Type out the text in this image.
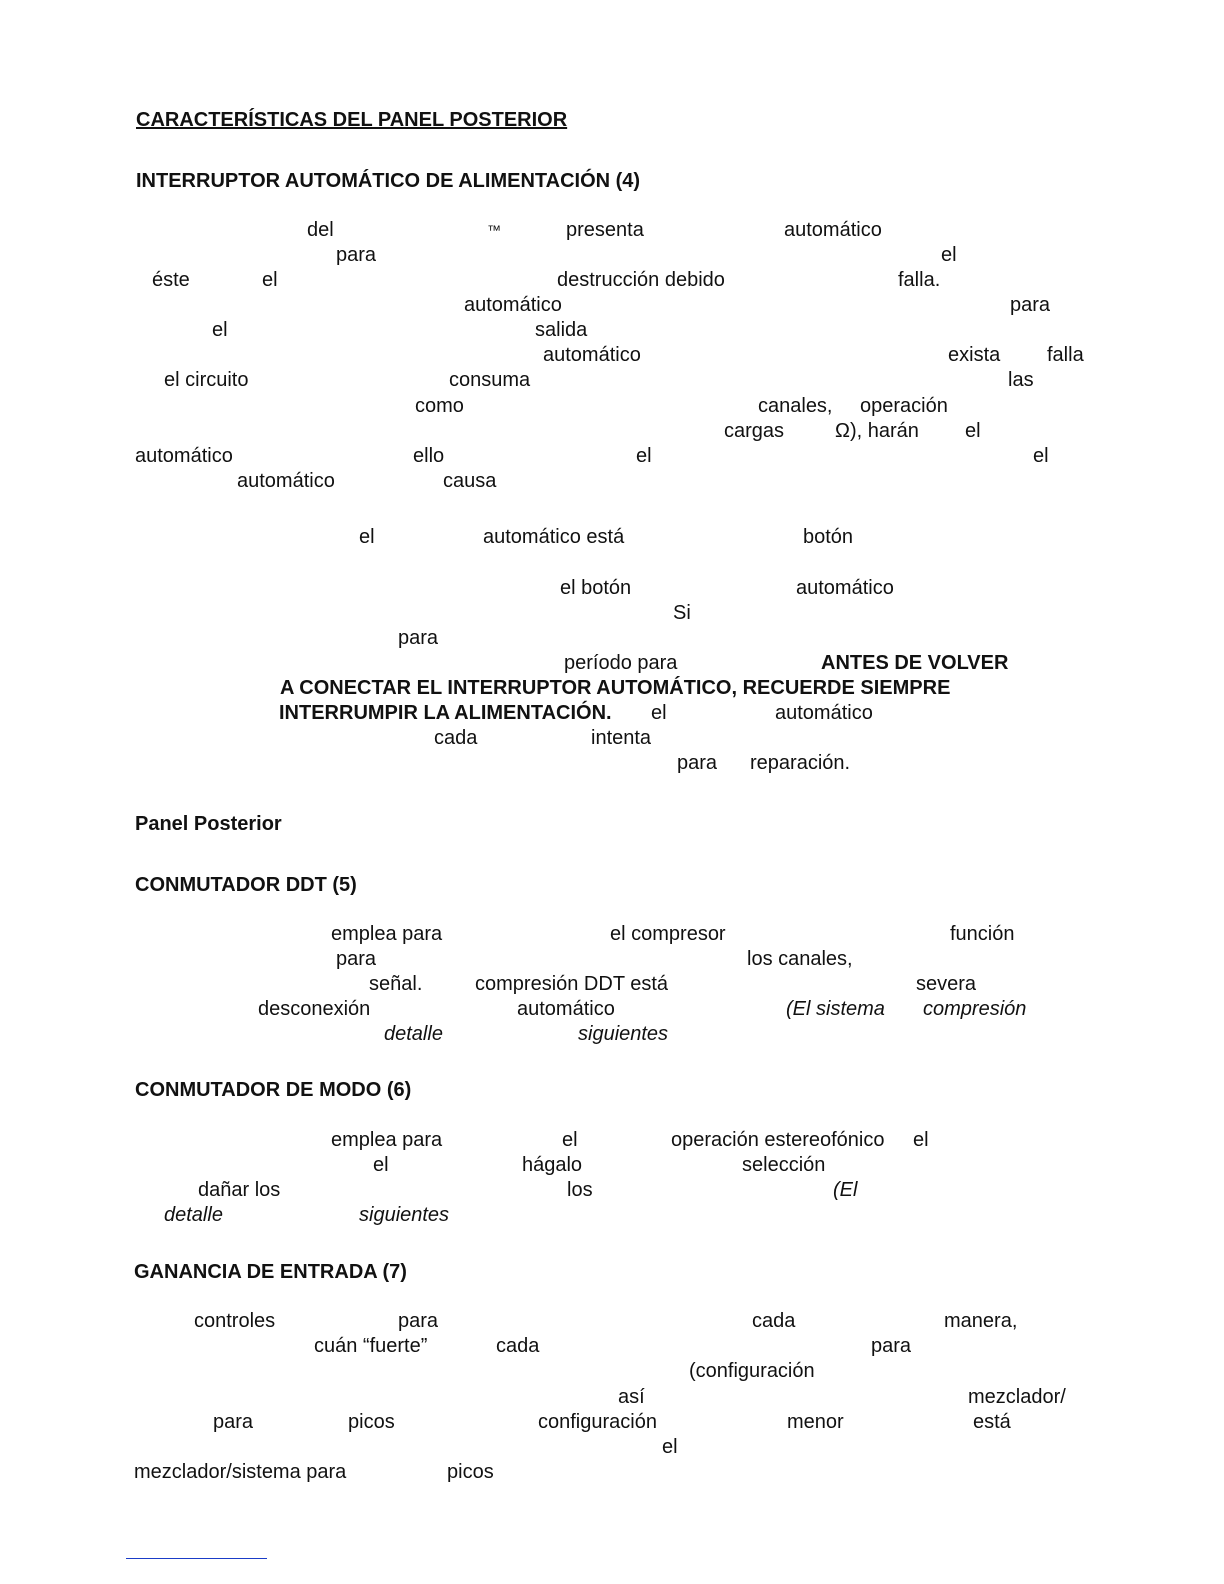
CARACTERÍSTICAS DEL PANEL POSTERIOR
INTERRUPTOR AUTOMÁTICO DE ALIMENTACIÓN (4)
del	™	presenta	automático
para	el
éste	el	destrucción debido	falla.
automático	para
el	salida
automático	exista falla
el circuito	consuma	las
como	canales, operación
cargas	Ω), harán el
automático	ello	el	el
automático	causa
el	automático está	botón
el botón	automático
Si
para
período para	ANTES DE VOLVER
A CONECTAR EL INTERRUPTOR AUTOMÁTICO, RECUERDE SIEMPRE
INTERRUMPIR LA ALIMENTACIÓN. el	automático
cada	intenta
para reparación.
Panel Posterior
CONMUTADOR DDT (5)
emplea para	el compresor	función
para	los canales,
señal.	compresión DDT está	severa
desconexión	automático	(El sistema compresión
detalle	siguientes
CONMUTADOR DE MODO (6)
emplea para	el	operación estereofónico el
el	hágalo	selección
dañar los	los	(El
detalle	siguientes
GANANCIA DE ENTRADA (7)
controles	para	cada	manera,
cuán “fuerte”	cada	para
(configuración
así	mezclador/
para	picos	configuración	menor	está
el
mezclador/sistema para	picos
